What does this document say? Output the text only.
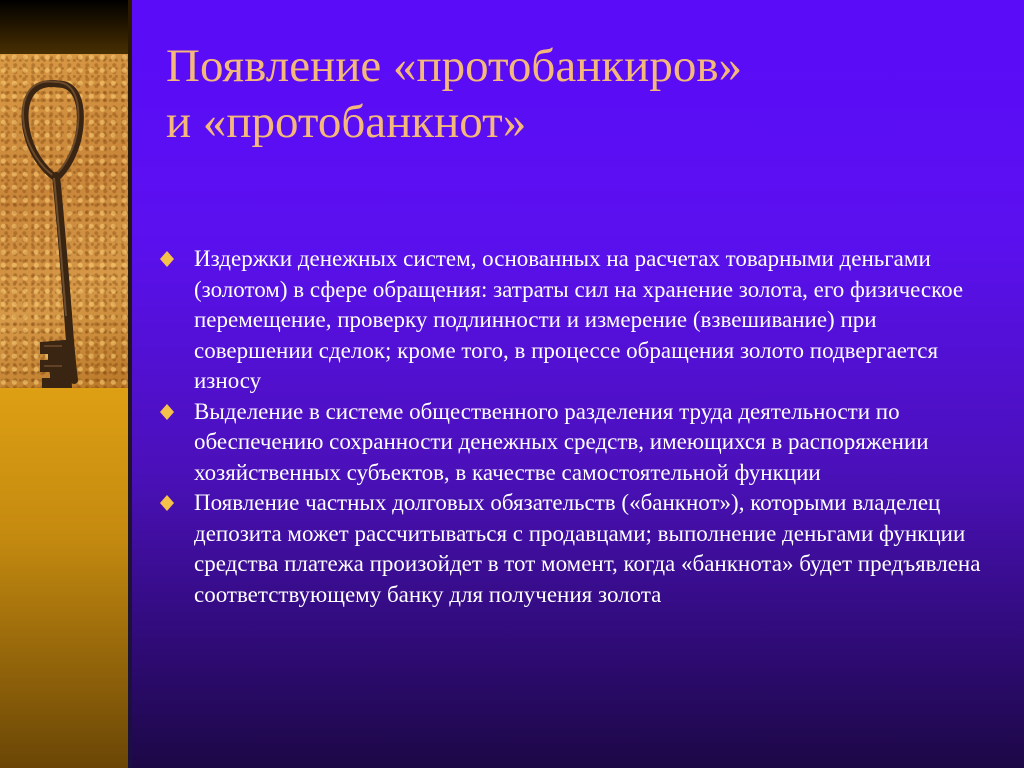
Появление «протобанкиров»
и «протобанкнот»
Издержки денежных систем, основанных на расчетах товарными деньгами (золотом) в сфере обращения: затраты сил на хранение золота, его физическое перемещение, проверку подлинности и измерение (взвешивание) при совершении сделок; кроме того, в процессе обращения золото подвергается износу
Выделение в системе общественного разделения труда деятельности по обеспечению сохранности денежных средств, имеющихся в распоряжении хозяйственных субъектов, в качестве самостоятельной функции
Появление частных долговых обязательств («банкнот»), которыми владелец депозита может рассчитываться с продавцами; выполнение деньгами функции средства платежа произойдет в тот момент, когда «банкнота» будет предъявлена соответствующему банку для получения золота
